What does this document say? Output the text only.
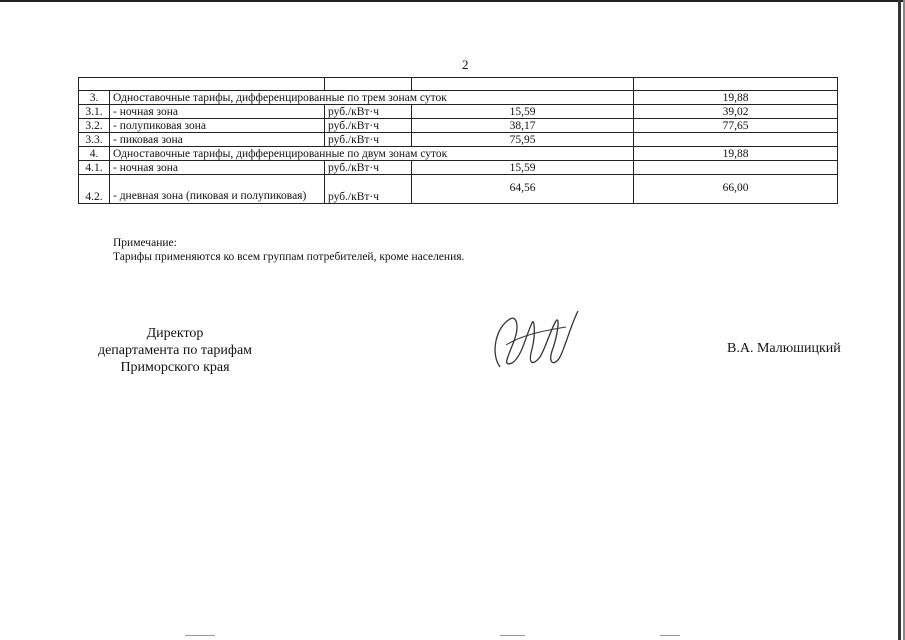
2

3.	Одноставочные тарифы, дифференцированные по трем зонам суток			19,88
3.1.	- ночная зона	руб./кВт·ч	15,59	39,02
3.2.	- полупиковая зона	руб./кВт·ч	38,17	77,65
3.3.	- пиковая зона	руб./кВт·ч	75,95	
4.	Одноставочные тарифы, дифференцированные по двум зонам суток			19,88
4.1.	- ночная зона	руб./кВт·ч	15,59	
4.2.	- дневная зона (пиковая и полупиковая)	руб./кВт·ч	64,56	66,00
Примечание:
Тарифы применяются ко всем группам потребителей, кроме населения.
Директор
департамента по тарифам
Приморского края
В.А. Малюшицкий
